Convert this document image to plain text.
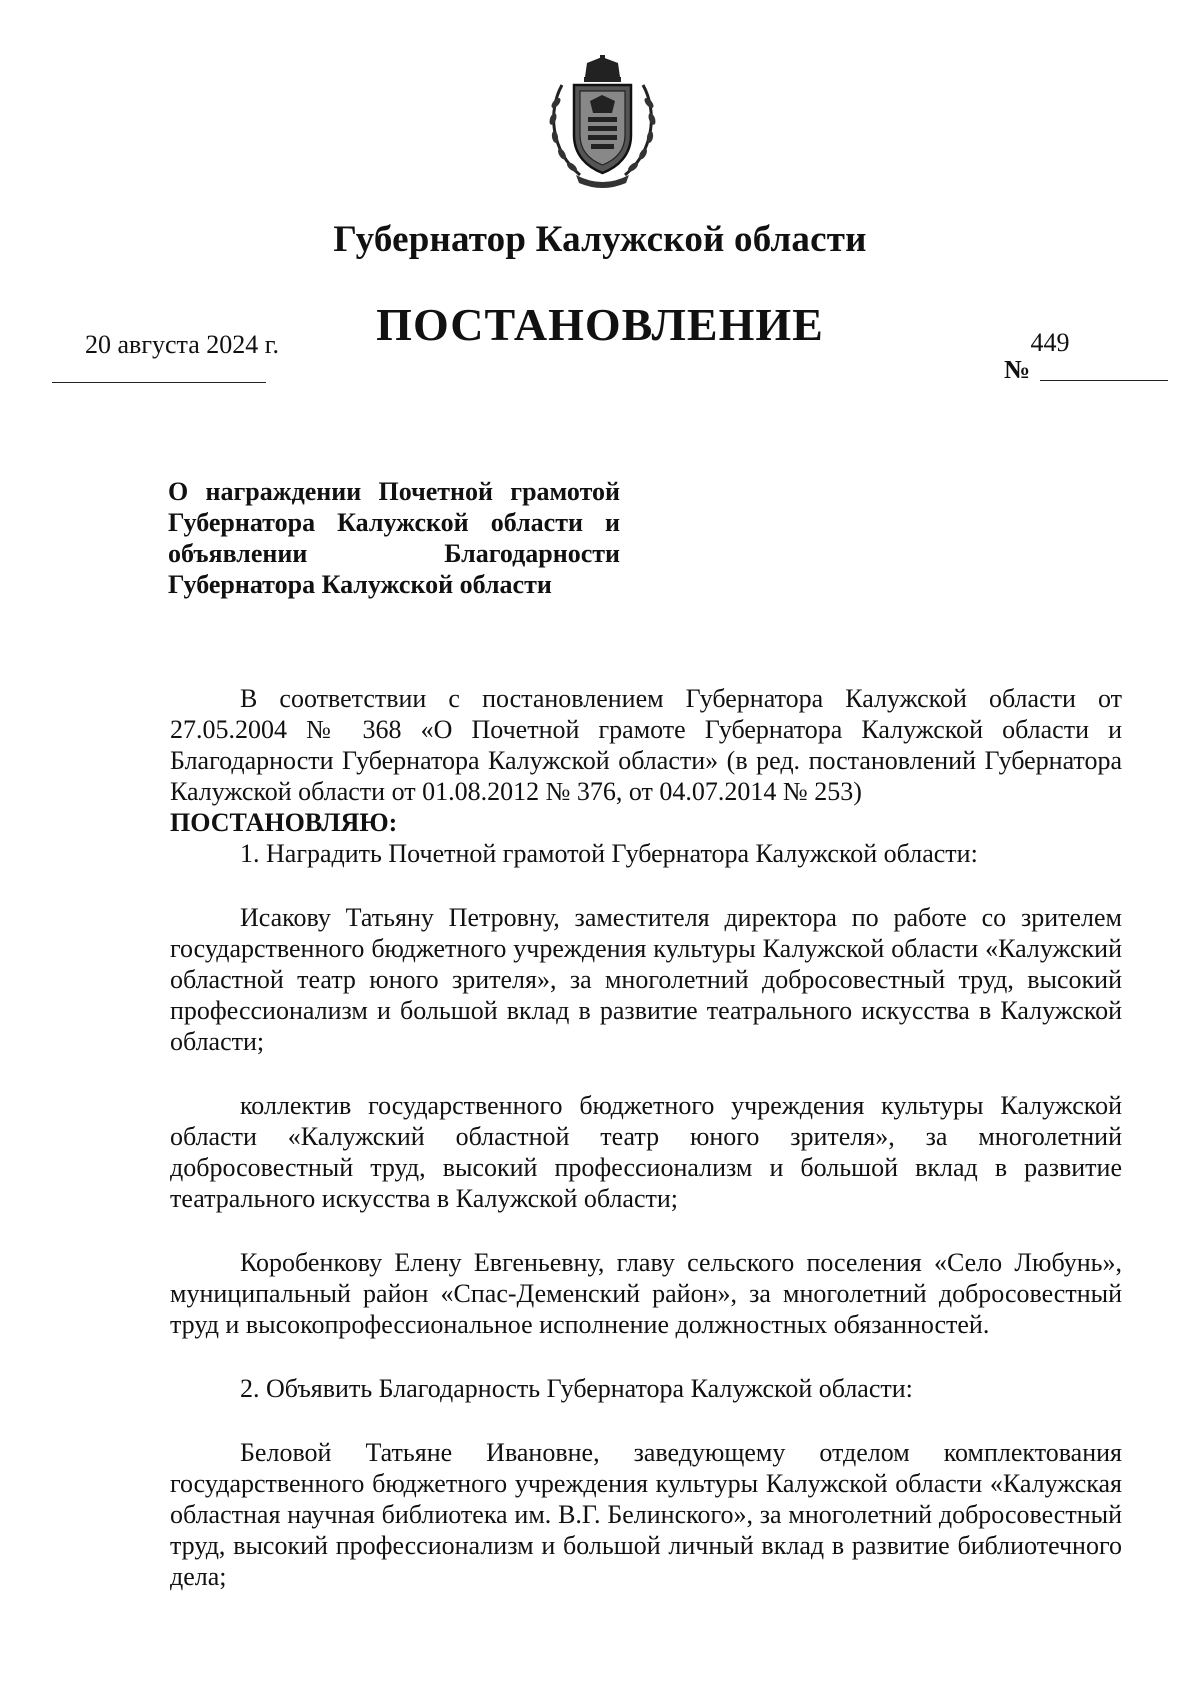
Губернатор Калужской области
ПОСТАНОВЛЕНИЕ
20 августа 2024 г.	449
№
О награждении Почетной грамотой Губернатора Калужской области и объявлении Благодарности Губернатора Калужской области

В соответствии с постановлением Губернатора Калужской области от 27.05.2004 № 368 «О Почетной грамоте Губернатора Калужской области и Благодарности Губернатора Калужской области» (в ред. постановлений Губернатора Калужской области от 01.08.2012 № 376, от 04.07.2014 № 253)

ПОСТАНОВЛЯЮ:

1. Наградить Почетной грамотой Губернатора Калужской области:

Исакову Татьяну Петровну, заместителя директора по работе со зрителем государственного бюджетного учреждения культуры Калужской области «Калужский областной театр юного зрителя», за многолетний добросовестный труд, высокий профессионализм и большой вклад в развитие театрального искусства в Калужской области;

коллектив государственного бюджетного учреждения культуры Калужской области «Калужский областной театр юного зрителя», за многолетний добросовестный труд, высокий профессионализм и большой вклад в развитие театрального искусства в Калужской области;

Коробенкову Елену Евгеньевну, главу сельского поселения «Село Любунь», муниципальный район «Спас-Деменский район», за многолетний добросовестный труд и высокопрофессиональное исполнение должностных обязанностей.

2. Объявить Благодарность Губернатора Калужской области:

Беловой Татьяне Ивановне, заведующему отделом комплектования государственного бюджетного учреждения культуры Калужской области «Калужская областная научная библиотека им. В.Г. Белинского», за многолетний добросовестный труд, высокий профессионализм и большой личный вклад в развитие библиотечного дела;
